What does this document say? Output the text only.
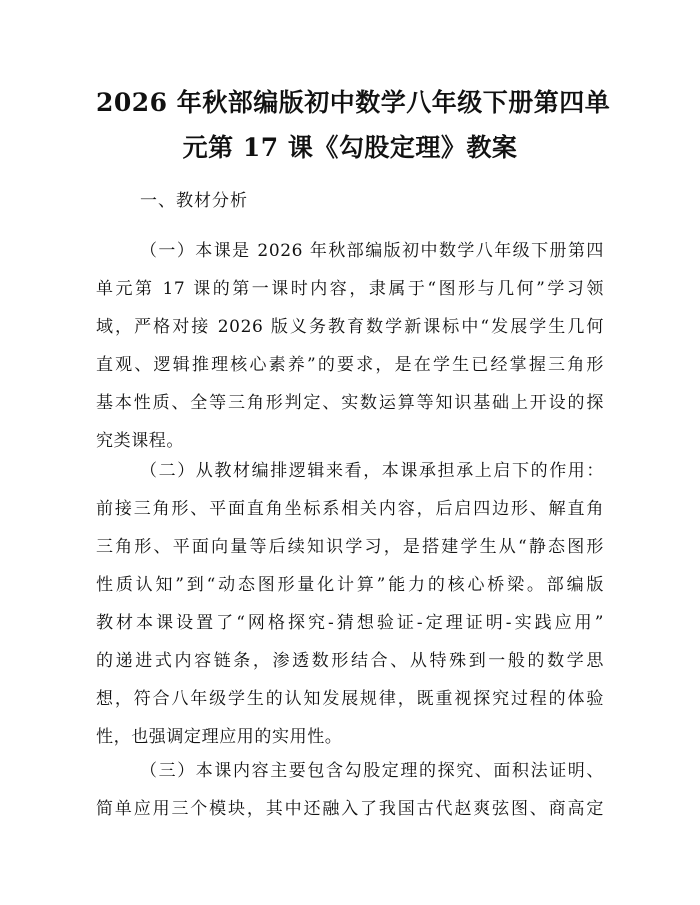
2026 年秋部编版初中数学八年级下册第四单
元第 17 课《勾股定理》教案
一、教材分析
（一）本课是 2026 年秋部编版初中数学八年级下册第四
单元第 17 课的第一课时内容，隶属于“图形与几何”学习领
域，严格对接 2026 版义务教育数学新课标中“发展学生几何
直观、逻辑推理核心素养”的要求，是在学生已经掌握三角形
基本性质、全等三角形判定、实数运算等知识基础上开设的探
究类课程。
（二）从教材编排逻辑来看，本课承担承上启下的作用：
前接三角形、平面直角坐标系相关内容，后启四边形、解直角
三角形、平面向量等后续知识学习，是搭建学生从“静态图形
性质认知”到“动态图形量化计算”能力的核心桥梁。部编版
教材本课设置了“网格探究-猜想验证-定理证明-实践应用”
的递进式内容链条，渗透数形结合、从特殊到一般的数学思
想，符合八年级学生的认知发展规律，既重视探究过程的体验
性，也强调定理应用的实用性。
（三）本课内容主要包含勾股定理的探究、面积法证明、
简单应用三个模块，其中还融入了我国古代赵爽弦图、商高定
